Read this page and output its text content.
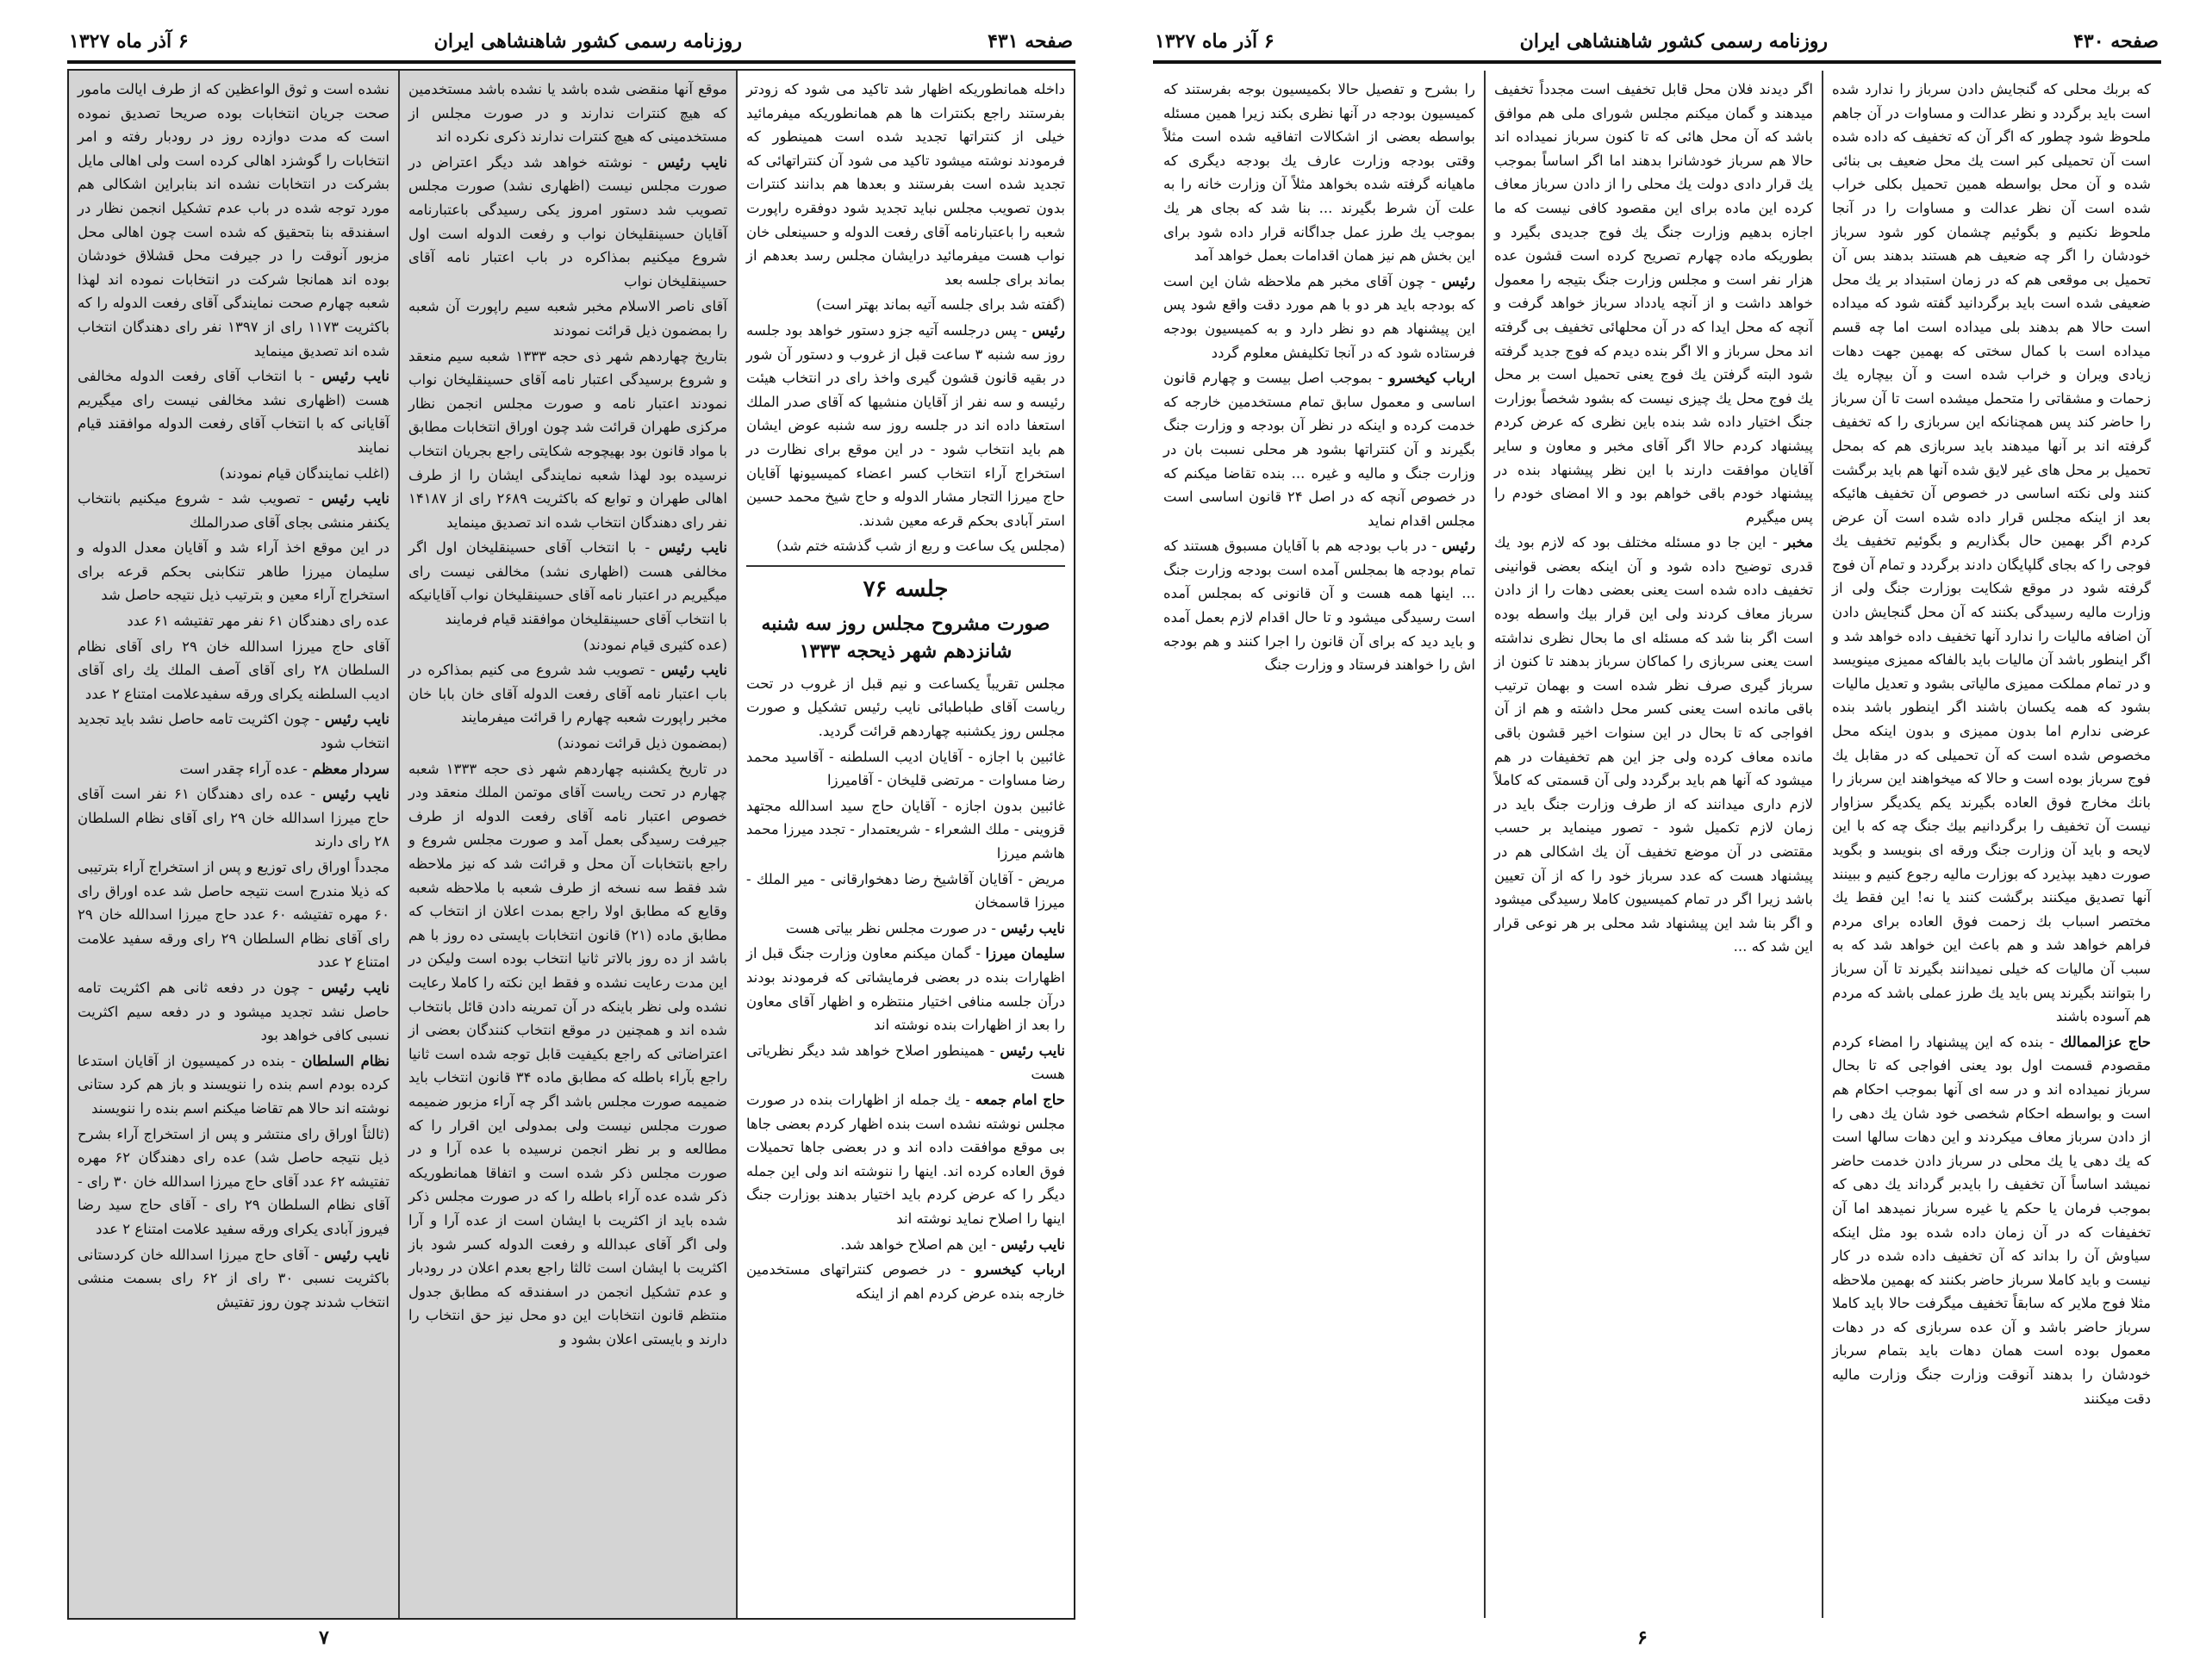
صفحه ۴۳۱
روزنامه رسمی کشور شاهنشاهی ایران
۶ آذر ماه ۱۳۲۷

داخله همانطوریکه اظهار شد تاکید می شود که زودتر بفرستند راجع بکنترات ها هم همانطوریکه میفرمائید خیلی از کنتراتها تجدید شده است همینطور که فرمودند نوشته میشود تاکید می شود آن کنتراتهائی که تجدید شده است بفرستند و بعدها هم بدانند کنترات بدون تصویب مجلس نباید تجدید شود دوفقره راپورت شعبه را باعتبارنامه آقای رفعت الدوله و حسینعلی خان نواب هست میفرمائید درایشان مجلس رسد بعدهم از بماند برای جلسه بعد

(گفته شد برای جلسه آتیه بماند بهتر است)

رئیس - پس درجلسه آتیه جزو دستور خواهد بود جلسه روز سه شنبه ۳ ساعت قبل از غروب و دستور آن شور در بقیه قانون قشون گیری واخذ رای در انتخاب هیئت رئیسه و سه نفر از آقایان منشیها که آقای صدر الملك استعفا داده اند در جلسه روز سه شنبه عوض ایشان هم باید انتخاب شود - در این موقع برای نظارت در استخراج آراء انتخاب کسر اعضاء کمیسیونها آقایان حاج میرزا التجار مشار الدوله و حاج شیخ محمد حسین استر آبادی بحکم قرعه معین شدند.

(مجلس یک ساعت و ربع از شب گذشته ختم شد)

جلسه ۷۶
صورت مشروح مجلس روز سه شنبه شانزدهم شهر ذیحجه ۱۳۳۳

مجلس تقریباً یکساعت و نیم قبل از غروب در تحت ریاست آقای طباطبائی نایب رئیس تشکیل و صورت مجلس روز یکشنبه چهاردهم قرائت گردید.

غائبین با اجازه - آقایان ادیب السلطنه - آقاسید محمد رضا مساوات - مرتضی قلیخان - آقامیرزا

غائبین بدون اجازه - آقایان حاج سید اسدالله مجتهد قزوینی - ملك الشعراء - شریعتمدار - تجدد میرزا محمد هاشم میرزا

مریض - آقایان آقاشیخ رضا دهخوارقانی - میر الملك - میرزا قاسمخان

نایب رئیس - در صورت مجلس نظر بیاتی هست

سلیمان میرزا - گمان میکنم معاون وزارت جنگ قبل از اظهارات بنده در بعضی فرمایشاتی که فرمودند بودند درآن جلسه منافی اختیار منتظره و اظهار آقای معاون را بعد از اظهارات بنده نوشته اند

نایب رئیس - همینطور اصلاح خواهد شد دیگر نظریاتی هست

حاج امام جمعه - یك جمله از اظهارات بنده در صورت مجلس نوشته نشده است بنده اظهار کردم بعضی جاها بی موقع موافقت داده اند و در بعضی جاها تحمیلات فوق العاده کرده اند. اینها را ننوشته اند ولی این جمله دیگر را که عرض کردم باید اختیار بدهند بوزارت جنگ اینها را اصلاح نماید نوشته اند

نایب رئیس - این هم اصلاح خواهد شد.

ارباب کیخسرو - در خصوص کنتراتهای مستخدمین خارجه بنده عرض کردم اهم از اینکه

موقع آنها منقضی شده باشد یا نشده باشد مستخدمین که هیچ کنترات ندارند و در صورت مجلس از مستخدمینی که هیچ کنترات ندارند ذکری نکرده اند

نایب رئیس - نوشته خواهد شد دیگر اعتراض در صورت مجلس نیست (اظهاری نشد) صورت مجلس تصویب شد دستور امروز یکی رسیدگی باعتبارنامه آقایان حسینقلیخان نواب و رفعت الدوله است اول شروع میکنیم بمذاکره در باب اعتبار نامه آقای حسینقلیخان نواب

آقای ناصر الاسلام مخبر شعبه سیم راپورت آن شعبه را بمضمون ذیل قرائت نمودند

بتاریخ چهاردهم شهر ذی حجه ۱۳۳۳ شعبه سیم منعقد و شروع برسیدگی اعتبار نامه آقای حسینقلیخان نواب نمودند اعتبار نامه و صورت مجلس انجمن نظار مرکزی طهران قرائت شد چون اوراق انتخابات مطابق با مواد قانون بود بهیچوجه شکایتی راجع بجریان انتخاب نرسیده بود لهذا شعبه نمایندگی ایشان را از طرف اهالی طهران و توابع که باکثریت ۲۶۸۹ رای از ۱۴۱۸۷ نفر رای دهندگان انتخاب شده اند تصدیق مینماید

نایب رئیس - با انتخاب آقای حسینقلیخان اول اگر مخالفی هست (اظهاری نشد) مخالفی نیست رای میگیریم در اعتبار نامه آقای حسینقلیخان نواب آقایانیکه با انتخاب آقای حسینقلیخان موافقند قیام فرمایند

(عده کثیری قیام نمودند)

نایب رئیس - تصویب شد شروع می کنیم بمذاکره در باب اعتبار نامه آقای رفعت الدوله آقای خان بابا خان مخبر راپورت شعبه چهارم را قرائت میفرمایند

(بمضمون ذیل قرائت نمودند)

در تاریخ یکشنبه چهاردهم شهر ذی حجه ۱۳۳۳ شعبه چهارم در تحت ریاست آقای موتمن الملك منعقد ودر خصوص اعتبار نامه آقای رفعت الدوله از طرف جیرفت رسیدگی بعمل آمد و صورت مجلس شروع و راجع بانتخابات آن محل و قرائت شد که نیز ملاحظه شد فقط سه نسخه از طرف شعبه با ملاحظه شعبه وقایع که مطابق اولا راجع بمدت اعلان از انتخاب که مطابق ماده (۲۱) قانون انتخابات بایستی ده روز با هم باشد از ده روز بالاتر ثانیا انتخاب بوده است ولیکن در این مدت رعایت نشده و فقط این نکته را کاملا رعایت نشده ولی نظر باینکه در آن تمرینه دادن قائل بانتخاب شده اند و همچنین در موقع انتخاب کنندگان بعضی از اعتراضاتی که راجع بکیفیت قابل توجه شده است ثانیا راجع بآراء باطله که مطابق ماده ۳۴ قانون انتخاب باید ضمیمه صورت مجلس باشد اگر چه آراء مزبور ضمیمه صورت مجلس نیست ولی بمدولی این اقرار را که مطالعه و بر نظر انجمن نرسیده با عده آرا و در صورت مجلس ذکر شده است و اتفاقا همانطوریکه ذکر شده عده آراء باطله را که در صورت مجلس ذکر شده باید از اکثریت با ایشان است از عده آرا و آرا ولی اگر آقای عبدالله و رفعت الدوله کسر شود باز اکثریت با ایشان است ثالثا راجع بعدم اعلان در رودبار و عدم تشکیل انجمن در اسفندقه که مطابق جدول منتظم قانون انتخابات این دو محل نیز حق انتخاب را دارند و بایستی اعلان بشود و

نشده است و ثوق الواعظین که از طرف ایالت مامور صحت جریان انتخابات بوده صریحا تصدیق نموده است که مدت دوازده روز در رودبار رفته و امر انتخابات را گوشزد اهالی کرده است ولی اهالی مایل بشرکت در انتخابات نشده اند بنابراین اشکالی هم مورد توجه شده در باب عدم تشکیل انجمن نظار در اسفندقه بنا بتحقیق که شده است چون اهالی محل مزبور آنوقت را در جیرفت محل قشلاق خودشان بوده اند همانجا شرکت در انتخابات نموده اند لهذا شعبه چهارم صحت نمایندگی آقای رفعت الدوله را که باکثریت ۱۱۷۳ رای از ۱۳۹۷ نفر رای دهندگان انتخاب شده اند تصدیق مینماید

نایب رئیس - با انتخاب آقای رفعت الدوله مخالفی هست (اظهاری نشد مخالفی نیست رای میگیریم آقایانی که با انتخاب آقای رفعت الدوله موافقند قیام نمایند

(اغلب نمایندگان قیام نمودند)

نایب رئیس - تصویب شد - شروع میکنیم بانتخاب یکنفر منشی بجای آقای صدرالملك

در این موقع اخذ آراء شد و آقایان معدل الدوله و سلیمان میرزا طاهر تنکابنی بحکم قرعه برای استخراج آراء معین و بترتیب ذیل نتیجه حاصل شد

عده رای دهندگان ۶۱ نفر مهر تفتیشه ۶۱ عدد

آقای حاج میرزا اسدالله خان ۲۹ رای آقای نظام السلطان ۲۸ رای آقای آصف الملك یك رای آقای ادیب السلطنه یکرای ورقه سفیدعلامت امتناع ۲ عدد

نایب رئیس - چون اکثریت تامه حاصل نشد باید تجدید انتخاب شود

سردار معظم - عده آراء چقدر است

نایب رئیس - عده رای دهندگان ۶۱ نفر است آقای حاج میرزا اسدالله خان ۲۹ رای آقای نظام السلطان ۲۸ رای دارند

مجدداً اوراق رای توزیع و پس از استخراج آراء بترتیبی که ذیلا مندرج است نتیجه حاصل شد عده اوراق رای ۶۰ مهره تفتیشه ۶۰ عدد حاج میرزا اسدالله خان ۲۹ رای آقای نظام السلطان ۲۹ رای ورقه سفید علامت امتناع ۲ عدد

نایب رئیس - چون در دفعه ثانی هم اکثریت تامه حاصل نشد تجدید میشود و در دفعه سیم اکثریت نسبی کافی خواهد بود

نظام السلطان - بنده در کمیسیون از آقایان استدعا کرده بودم اسم بنده را ننویسند و باز هم کرد ستانی نوشته اند حالا هم تقاضا میکنم اسم بنده را ننویسند

(ثالثاً اوراق رای منتشر و پس از استخراج آراء بشرح ذیل نتیجه حاصل شد) عده رای دهندگان ۶۲ مهره تفتیشه ۶۲ عدد آقای حاج میرزا اسدالله خان ۳۰ رای - آقای نظام السلطان ۲۹ رای - آقای حاج سید رضا فیروز آبادی یکرای ورقه سفید علامت امتناع ۲ عدد

نایب رئیس - آقای حاج میرزا اسدالله خان کردستانی باکثریت نسبی ۳۰ رای از ۶۲ رای بسمت منشی انتخاب شدند چون روز تفتیش

۷
صفحه ۴۳۰
روزنامه رسمی کشور شاهنشاهی ایران
۶ آذر ماه ۱۳۲۷

که بربك محلی که گنجایش دادن سرباز را ندارد شده است باید برگردد و نظر عدالت و مساوات در آن جاهم ملحوظ شود چطور که اگر آن که تخفیف که داده شده است آن تحمیلی کبر است یك محل ضعیف بی بنائی شده و آن محل بواسطه همین تحمیل بکلی خراب شده است آن نظر عدالت و مساوات را در آنجا ملحوظ نکنیم و بگوئیم چشمان کور شود سرباز خودشان را اگر چه ضعیف هم هستند بدهند بس آن تحمیل بی موقعی هم که در زمان استبداد بر یك محل ضعیفی شده است باید برگردانید گفته شود که میداده است حالا هم بدهند بلی میداده است اما چه قسم میداده است با کمال سختی که بهمین جهت دهات زیادی ویران و خراب شده است و آن بیچاره یك زحمات و مشقاتی را متحمل میشده است تا آن سرباز را حاضر کند پس همچنانکه این سربازی را که تخفیف گرفته اند بر آنها میدهند باید سربازی هم که بمحل تحمیل بر محل های غیر لایق شده آنها هم باید برگشت کنند ولی نکته اساسی در خصوص آن تخفیف هائیکه بعد از اینکه مجلس قرار داده شده است آن عرض کردم اگر بهمین حال بگذاریم و بگوئیم تخفیف یك فوجی را که بجای گلپایگان دادند برگردد و تمام آن فوج گرفته شود در موقع شکایت بوزارت جنگ ولی از وزارت مالیه رسیدگی بکنند که آن محل گنجایش دادن آن اضافه مالیات را ندارد آنها تخفیف داده خواهد شد و اگر اینطور باشد آن مالیات باید بالفاکه ممیزی مینویسد و در تمام مملکت ممیزی مالیاتی بشود و تعدیل مالیات بشود که همه یکسان باشند اگر اینطور باشد بنده عرضی ندارم اما بدون ممیزی و بدون اینکه محل مخصوص شده است که آن تحمیلی که در مقابل یك فوج سرباز بوده است و حالا که میخواهند این سرباز را بانك مخارج فوق العاده بگیرند یکم یکدیگر سزاوار نیست آن تخفیف را برگردانیم بیك جنگ چه که با این لايحه و باید آن وزارت جنگ ورقه ای بنویسد و بگوید صورت دهید بپذیرد که بوزارت مالیه رجوع کنیم و ببینند آنها تصدیق میکنند برگشت کنند یا نه! این فقط یك مختصر اسباب بك زحمت فوق العاده برای مردم فراهم خواهد شد و هم باعث این خواهد شد که به سبب آن مالیات که خیلی نمیدانند بگیرند تا آن سرباز را بتوانند بگیرند پس باید یك طرز عملی باشد که مردم هم آسوده باشند

حاج عزالممالك - بنده که این پیشنهاد را امضاء کردم مقصودم قسمت اول بود یعنی افواجی که تا بحال سرباز نمیداده اند و در سه ای آنها بموجب احکام هم است و بواسطه احکام شخصی خود شان یك دهی را از دادن سرباز معاف میکردند و این دهات سالها است که یك دهی یا یك محلی در سرباز دادن خدمت حاضر نمیشد اساساً آن تخفیف را بایدبر گرداند یك دهی که بموجب فرمان یا حکم یا غیره سرباز نمیدهد اما آن تخفیفات که در آن زمان داده شده بود مثل اینکه سیاوش آن را بداند که آن تخفیف داده شده در کار نیست و باید کاملا سرباز حاضر بکنند که بهمین ملاحظه مثلا فوج ملایر که سابقاً تخفیف میگرفت حالا باید کاملا سرباز حاضر باشد و آن عده سربازی که در دهات معمول بوده است همان دهات باید بتمام سرباز خودشان را بدهند آنوقت وزارت جنگ وزارت مالیه دقت میکنند

اگر دیدند فلان محل قابل تخفیف است مجدداً تخفیف میدهند و گمان میکنم مجلس شورای ملی هم موافق باشد که آن محل هائی که تا کنون سرباز نمیداده اند حالا هم سرباز خودشانرا بدهند اما اگر اساساً بموجب یك قرار دادی دولت یك محلی را از دادن سرباز معاف کرده این ماده برای این مقصود کافی نیست که ما اجازه بدهیم وزارت جنگ یك فوج جدیدی بگیرد و بطوریکه ماده چهارم تصریح کرده است قشون عده هزار نفر است و مجلس وزارت جنگ بتیجه را معمول خواهد داشت و از آنچه یادداد سرباز خواهد گرفت و آنچه که محل ایدا که در آن محلهائی تخفیف بی گرفته اند محل سرباز و الا اگر بنده دیدم که فوج جدید گرفته شود البته گرفتن یك فوج یعنی تحمیل است بر محل یك فوج محل یك چیزی نیست که بشود شخصاً بوزارت جنگ اختیار داده شد بنده باین نظری که عرض کردم پیشنهاد کردم حالا اگر آقای مخبر و معاون و سایر آقایان موافقت دارند با این نظر پیشنهاد بنده در پیشنهاد خودم باقی خواهم بود و الا امضای خودم را پس میگیرم

مخبر - این جا دو مسئله مختلف بود که لازم بود یك قدری توضیح داده شود و آن اینکه بعضی قوانینی تخفیف داده شده است یعنی بعضی دهات را از دادن سرباز معاف کردند ولی این قرار بیك واسطه بوده است اگر بنا شد که مسئله ای ما بحال نظری نداشته است یعنی سربازی را کماکان سرباز بدهند تا کنون از سرباز گیری صرف نظر شده است و بهمان ترتیب باقی مانده است یعنی کسر محل داشته و هم از آن افواجی که تا بحال در این سنوات اخیر قشون باقی مانده معاف کرده ولی جز این هم تخفیفات در هم میشود که آنها هم باید برگردد ولی آن قسمتی که کاملاً لازم داری میدانند که از طرف وزارت جنگ باید در زمان لازم تکمیل شود - تصور مینماید بر حسب مقتضی در آن موضع تخفیف آن یك اشکالی هم در پیشنهاد هست که عدد سرباز خود را که از آن تعیین باشد زیرا اگر در تمام کمیسیون کاملا رسیدگی میشود و اگر بنا شد این پیشنهاد شد محلی بر هر نوعی قرار این شد که ...

را بشرح و تفصیل حالا بکمیسیون بوجه بفرستند که کمیسیون بودجه در آنها نظری بکند زیرا همین مسئله بواسطه بعضی از اشکالات اتفاقیه شده است مثلاً وقتی بودجه وزارت عارف یك بودجه دیگری که ماهیانه گرفته شده بخواهد مثلاً آن وزارت خانه را به علت آن شرط بگیرند ... بنا شد که بجای هر یك بموجب یك طرز عمل جداگانه قرار داده شود برای این بخش هم نیز همان اقدامات بعمل خواهد آمد

رئیس - چون آقای مخبر هم ملاحظه شان این است که بودجه باید هر دو با هم مورد دقت واقع شود پس این پیشنهاد هم دو نظر دارد و به کمیسیون بودجه فرستاده شود که در آنجا تکلیفش معلوم گردد

ارباب کیخسرو - بموجب اصل بیست و چهارم قانون اساسی و معمول سابق تمام مستخدمین خارجه که خدمت کرده و اینکه در نظر آن بودجه و وزارت جنگ بگیرند و آن کنتراتها بشود هر محلی نسبت بان در وزارت جنگ و مالیه و غیره ... بنده تقاضا میکنم که در خصوص آنچه که در اصل ۲۴ قانون اساسی است مجلس اقدام نماید

رئیس - در باب بودجه هم با آقایان مسبوق هستند که تمام بودجه ها بمجلس آمده است بودجه وزارت جنگ ... اینها همه هست و آن قانونی که بمجلس آمده است رسیدگی میشود و تا حال اقدام لازم بعمل آمده و باید دید که برای آن قانون را اجرا کنند و هم بودجه اش را خواهند فرستاد و وزارت جنگ

۶
